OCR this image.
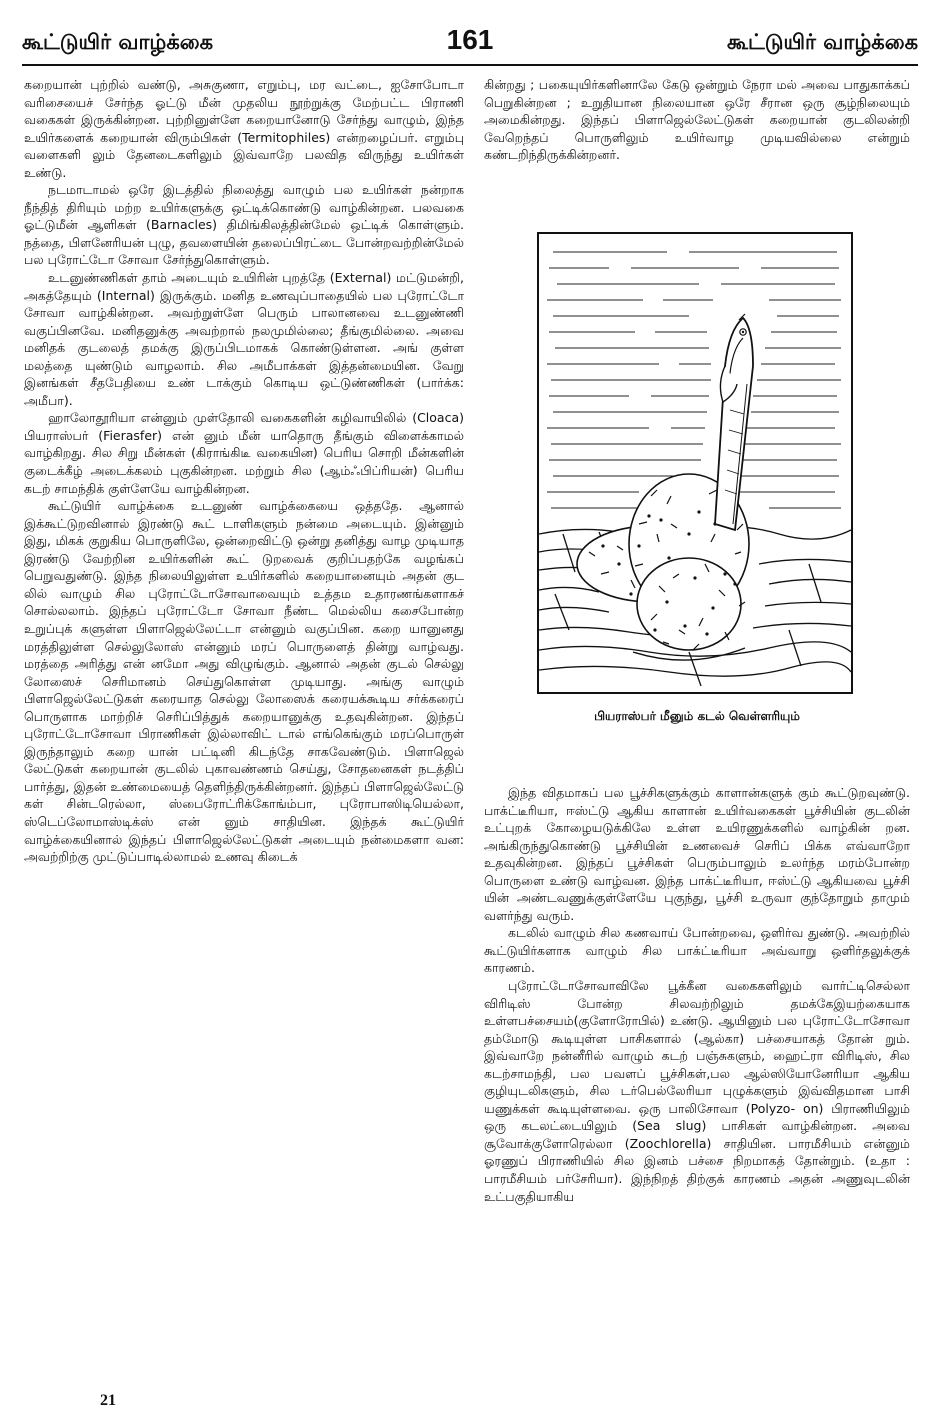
கூட்டுயிர் வாழ்க்கை	161	கூட்டுயிர் வாழ்க்கை

கறையான் புற்றில் வண்டு, அசுகுணா, எறும்பு, மர வட்டை, ஐசோபோடா வரிசையைச் சேர்ந்த ஓட்டு மீன் முதலிய நூற்றுக்கு மேற்பட்ட பிராணி வகைகள் இருக்கின்றன. புற்றினுள்ளே கறையானோடு சேர்ந்து வாழும், இந்த உயிர்களைக் கறையான் விரும்பிகள் (Termitophiles) என்றழைப்பர். எறும்பு வளைகளி லும் தேனடைகளிலும் இவ்வாறே பலவித விருந்து உயிர்கள் உண்டு.

நடமாடாமல் ஒரே இடத்தில் நிலைத்து வாழும் பல உயிர்கள் நன்றாக நீந்தித் திரியும் மற்ற உயிர்களுக்கு ஒட்டிக்கொண்டு வாழ்கின்றன. பலவகை ஓட்டுமீன் ஆளிகள் (Barnacles) திமிங்கிலத்தின்மேல் ஒட்டிக் கொள்ளும். நத்தை, பிளனேரியன் புழு, தவளையின் தலைப்பிரட்டை போன்றவற்றின்மேல் பல புரோட்டோ சோவா சேர்ந்துகொள்ளும்.

உடனுண்ணிகள் தாம் அடையும் உயிரின் புறத்தே (External) மட்டுமன்றி, அகத்தேயும் (Internal) இருக்கும். மனித உணவுப்பாதையில் பல புரோட்டோ சோவா வாழ்கின்றன. அவற்றுள்ளே பெரும் பாலானவை உடனுண்ணி வகுப்பினவே. மனிதனுக்கு அவற்றால் நலமுமில்லை; தீங்குமில்லை. அவை மனிதக் குடலைத் தமக்கு இருப்பிடமாகக் கொண்டுள்ளன. அங் குள்ள மலத்தை யுண்டும் வாழலாம். சில அமீபாக்கள் இத்தன்மையின. வேறு இனங்கள் சீதபேதியை உண் டாக்கும் கொடிய ஒட்டுண்ணிகள் (பார்க்க: அமீபா).

ஹாலோதூரியா என்னும் முள்தோலி வகைகளின் கழிவாயிலில் (Cloaca) பியராஸ்பர் (Fierasfer) என் னும் மீன் யாதொரு தீங்கும் விளைக்காமல் வாழ்கிறது. சில சிறு மீன்கள் (கிராங்கிடீ வகையின) பெரிய சொறி மீன்களின் குடைக்கீழ் அடைக்கலம் புகுகின்றன. மற்றும் சில (ஆம்ஃபிப்ரியன்) பெரிய கடற் சாமந்திக் குள்ளேயே வாழ்கின்றன.

கூட்டுயிர் வாழ்க்கை உடனுண் வாழ்க்கையை ஒத்ததே. ஆனால் இக்கூட்டுறவினால் இரண்டு கூட் டாளிகளும் நன்மை அடையும். இன்னும் இது, மிகக் குறுகிய பொருளிலே, ஒன்றைவிட்டு ஒன்று தனித்து வாழ முடியாத இரண்டு வேற்றின உயிர்களின் கூட் டுறவைக் குறிப்பதற்கே வழங்கப் பெறுவதுண்டு. இந்த நிலையிலுள்ள உயிர்களில் கறையானையும் அதன் குட லில் வாழும் சில புரோட்டோசோவாவையும் உத்தம உதாரணங்களாகச் சொல்லலாம். இந்தப் புரோட்டோ சோவா நீண்ட மெல்லிய கசைபோன்ற உறுப்புக் களுள்ள பிளாஜெல்லேட்டா என்னும் வகுப்பின. கறை யானுனது மரத்திலுள்ள செல்லுலோஸ் என்னும் மரப் பொருளைத் தின்று வாழ்வது. மரத்தை அரித்து என் னமோ அது விழுங்கும். ஆனால் அதன் குடல் செல்லு லோஸைச் செரிமானம் செய்துகொள்ள முடியாது. அங்கு வாழும் பிளாஜெல்லேட்டுகள் கரையாத செல்லு லோஸைக் கரையக்கூடிய சர்க்கரைப் பொருளாக மாற்றிச் செரிப்பித்துக் கறையானுக்கு உதவுகின்றன. இந்தப் புரோட்டோசோவா பிராணிகள் இல்லாவிட் டால் எங்கெங்கும் மரப்பொருள் இருந்தாலும் கறை யான் பட்டினி கிடந்தே சாகவேண்டும். பிளாஜெல் லேட்டுகள் கறையான் குடலில் புகாவண்ணம் செய்து, சோதனைகள் நடத்திப் பார்த்து, இதன் உண்மையைத் தெளிந்திருக்கின்றனர். இந்தப் பிளாஜெல்லேட்டு கள் சின்டரெல்லா, ஸ்பைரோட்ரிக்கோங்ம்பா, புரோபாஸிடியெல்லா, ஸ்டெப்லோமாஸ்டிக்ஸ் என் னும் சாதியின. இந்தக் கூட்டுயிர் வாழ்க்கையினால் இந்தப் பிளாஜெல்லேட்டுகள் அடையும் நன்மைகளா வன: அவற்றிற்கு முட்டுப்பாடில்லாமல் உணவு கிடைக்

கின்றது ; பகையுயிர்களினாலே கேடு ஒன்றும் நேரா மல் அவை பாதுகாக்கப் பெறுகின்றன ; உறுதியான நிலையான ஒரே சீரான ஒரு சூழ்நிலையும் அமைகின்றது. இந்தப் பிளாஜெல்லேட்டுகள் கறையான் குடலிலன்றி வேறெந்தப் பொருளிலும் உயிர்வாழ முடியவில்லை என்றும் கண்டறிந்திருக்கின்றனர்.

பியராஸ்பர் மீனும் கடல் வெள்ளரியும்

இந்த விதமாகப் பல பூச்சிகளுக்கும் காளான்களுக் கும் கூட்டுறவுண்டு. பாக்ட்டீரியா, ஈஸ்ட்டு ஆகிய காளான் உயிர்வகைகள் பூச்சியின் குடலின் உட்புறக் கோழையடுக்கிலே உள்ள உயிரணுக்களில் வாழ்கின் றன. அங்கிருந்துகொண்டு பூச்சியின் உணவைச் செரிப் பிக்க எவ்வாறோ உதவுகின்றன. இந்தப் பூச்சிகள் பெரும்பாலும் உலர்ந்த மரம்போன்ற பொருளை உண்டு வாழ்வன. இந்த பாக்ட்டீரியா, ஈஸ்ட்டு ஆகியவை பூச்சி யின் அண்டவணுக்குள்ளேயே புகுந்து, பூச்சி உருவா குந்தோறும் தாமும் வளர்ந்து வரும்.

கடலில் வாழும் சில கணவாய் போன்றவை, ஒளிர்வ துண்டு. அவற்றில் கூட்டுயிர்களாக வாழும் சில பாக்ட்டீரியா அவ்வாறு ஒளிர்தலுக்குக் காரணம்.

புரோட்டோசோவாவிலே பூக்கீன வகைகளிலும் வார்ட்டிசெல்லா விரிடிஸ் போன்ற சிலவற்றிலும் தமக்கேஇயற்கையாக உள்ளபச்சையம்(குளோரோபில்) உண்டு. ஆயினும் பல புரோட்டோசோவா தம்மோடு கூடியுள்ள பாசிகளால் (ஆல்கா) பச்சையாகத் தோன் றும். இவ்வாறே நன்னீரில் வாழும் கடற் பஞ்சுகளும், ஹைட்ரா விரிடிஸ், சில கடற்சாமந்தி, பல பவளப் பூச்சிகள்,பல ஆல்ஸியோனேரியா ஆகிய குழியுடலிகளும், சில டர்பெல்லேரியா புழுக்களும் இவ்விதமான பாசி யணுக்கள் கூடியுள்ளவை. ஒரு பாலிசோவா (Polyzo- on) பிராணியிலும் ஒரு கடலட்டையிலும் (Sea slug) பாசிகள் வாழ்கின்றன. அவை சூவோக்குளோரெல்லா (Zoochlorella) சாதியின. பாரமீசியம் என்னும் ஓரணுப் பிராணியில் சில இனம் பச்சை நிறமாகத் தோன்றும். (உதா : பாரமீசியம் பர்சேரியா). இந்நிறத் திற்குக் காரணம் அதன் அணுவுடலின் உட்பகுதியாகிய

21
